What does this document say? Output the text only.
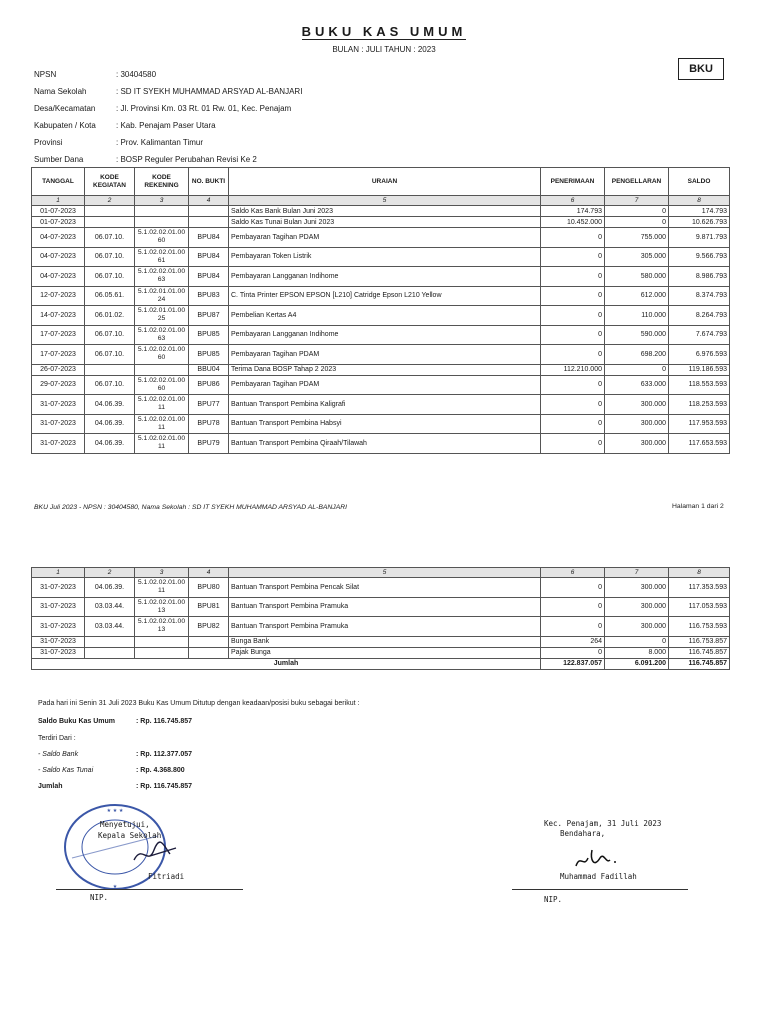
BUKU KAS UMUM
BULAN : JULI TAHUN : 2023
BKU
NPSN	: 30404580
Nama Sekolah	: SD IT SYEKH MUHAMMAD ARSYAD AL-BANJARI
Desa/Kecamatan	: Jl. Provinsi Km. 03 Rt. 01 Rw. 01, Kec. Penajam
Kabupaten / Kota	: Kab. Penajam Paser Utara
Provinsi	: Prov. Kalimantan Timur
Sumber Dana	: BOSP Reguler Perubahan Revisi Ke 2
TANGGAL	KODE KEGIATAN	KODE REKENING	NO. BUKTI	URAIAN	PENERIMAAN	PENGELLARAN	SALDO
1	2	3	4	5	6	7	8
01-07-2023				Saldo Kas Bank Bulan Juni 2023	174.793	0	174.793
01-07-2023				Saldo Kas Tunai Bulan Juni 2023	10.452.000	0	10.626.793
04-07-2023	06.07.10.	5.1.02.02.01.00 60	BPU84	Pembayaran Tagihan PDAM	0	755.000	9.871.793
04-07-2023	06.07.10.	5.1.02.02.01.00 61	BPU84	Pembayaran Token Listrik	0	305.000	9.566.793
04-07-2023	06.07.10.	5.1.02.02.01.00 63	BPU84	Pembayaran Langganan Indihome	0	580.000	8.986.793
12-07-2023	06.05.61.	5.1.02.01.01.00 24	BPU83	C. Tinta Printer EPSON EPSON [L210] Catridge Epson L210 Yellow	0	612.000	8.374.793
14-07-2023	06.01.02.	5.1.02.01.01.00 25	BPU87	Pembelian Kertas A4	0	110.000	8.264.793
17-07-2023	06.07.10.	5.1.02.02.01.00 63	BPU85	Pembayaran Langganan Indihome	0	590.000	7.674.793
17-07-2023	06.07.10.	5.1.02.02.01.00 60	BPU85	Pembayaran Tagihan PDAM	0	698.200	6.976.593
26-07-2023			BBU04	Terima Dana BOSP Tahap 2 2023	112.210.000	0	119.186.593
29-07-2023	06.07.10.	5.1.02.02.01.00 60	BPU86	Pembayaran Tagihan PDAM	0	633.000	118.553.593
31-07-2023	04.06.39.	5.1.02.02.01.00 11	BPU77	Bantuan Transport Pembina Kaligrafi	0	300.000	118.253.593
31-07-2023	04.06.39.	5.1.02.02.01.00 11	BPU78	Bantuan Transport Pembina Habsyi	0	300.000	117.953.593
31-07-2023	04.06.39.	5.1.02.02.01.00 11	BPU79	Bantuan Transport Pembina Qiraah/Tilawah	0	300.000	117.653.593
BKU Juli 2023 - NPSN : 30404580, Nama Sekolah : SD IT SYEKH MUHAMMAD ARSYAD AL-BANJARI	Halaman 1 dari 2
1	2	3	4	5	6	7	8
31-07-2023	04.06.39.	5.1.02.02.01.00 11	BPU80	Bantuan Transport Pembina Pencak Silat	0	300.000	117.353.593
31-07-2023	03.03.44.	5.1.02.02.01.00 13	BPU81	Bantuan Transport Pembina Pramuka	0	300.000	117.053.593
31-07-2023	03.03.44.	5.1.02.02.01.00 13	BPU82	Bantuan Transport Pembina Pramuka	0	300.000	116.753.593
31-07-2023				Bunga Bank	264	0	116.753.857
31-07-2023				Pajak Bunga	0	8.000	116.745.857
Jumlah					122.837.057	6.091.200	116.745.857
Pada hari ini Senin 31 Juli 2023 Buku Kas Umum Ditutup dengan keadaan/posisi buku sebagai berikut :
Saldo Buku Kas Umum	: Rp. 116.745.857
Terdiri Dari :
- Saldo Bank	: Rp. 112.377.057
- Saldo Kas Tunai	: Rp. 4.368.800
Jumlah	: Rp. 116.745.857
★ ★ ★
★
Menyetujui,
Kepala Sekolah
Fitriadi
NIP.
Kec. Penajam, 31 Juli 2023
Bendahara,
Muhammad Fadillah
NIP.
